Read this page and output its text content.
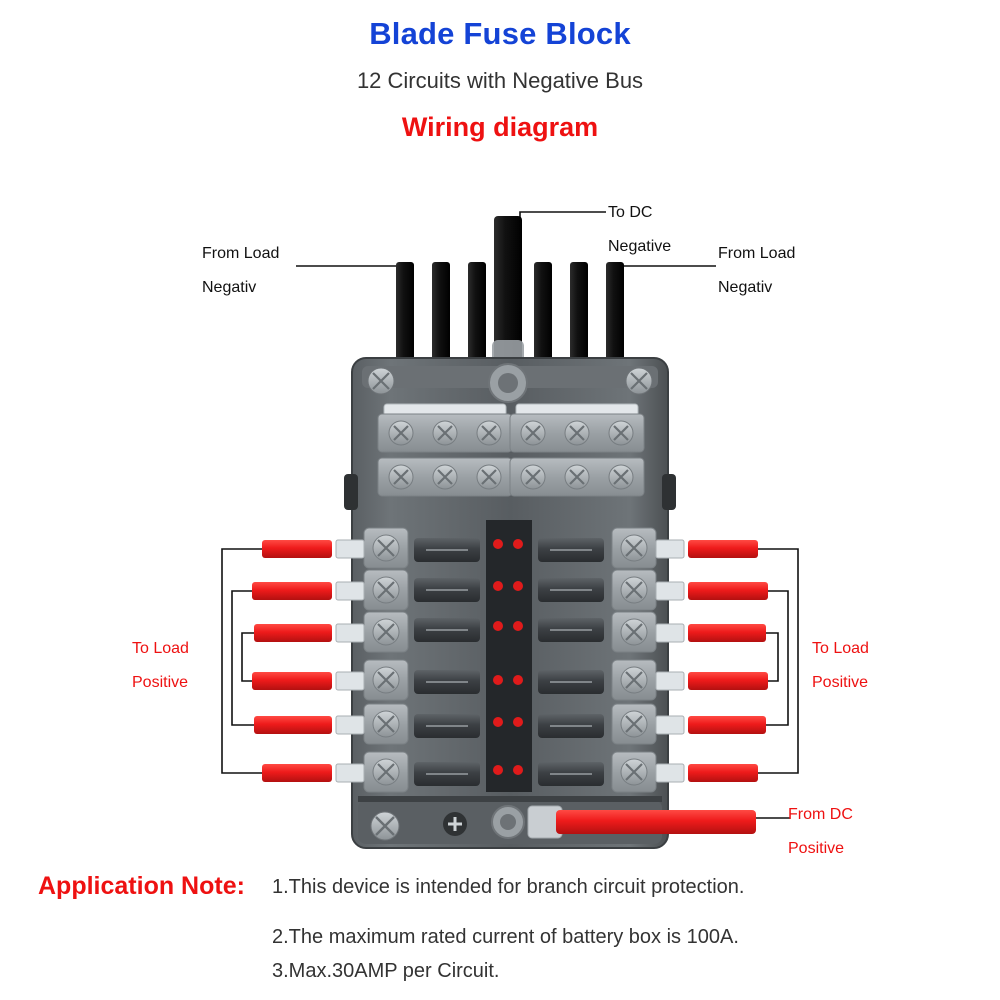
Blade Fuse Block
12 Circuits with Negative Bus
Wiring diagram
From Load
Negativ
From Load
Negativ
To DC
Negative
To Load
Positive
To Load
Positive
From DC
Positive
Application Note: 1.This device is intended for branch circuit protection.
2.The maximum rated current of battery box is 100A.
3.Max.30AMP per Circuit.
